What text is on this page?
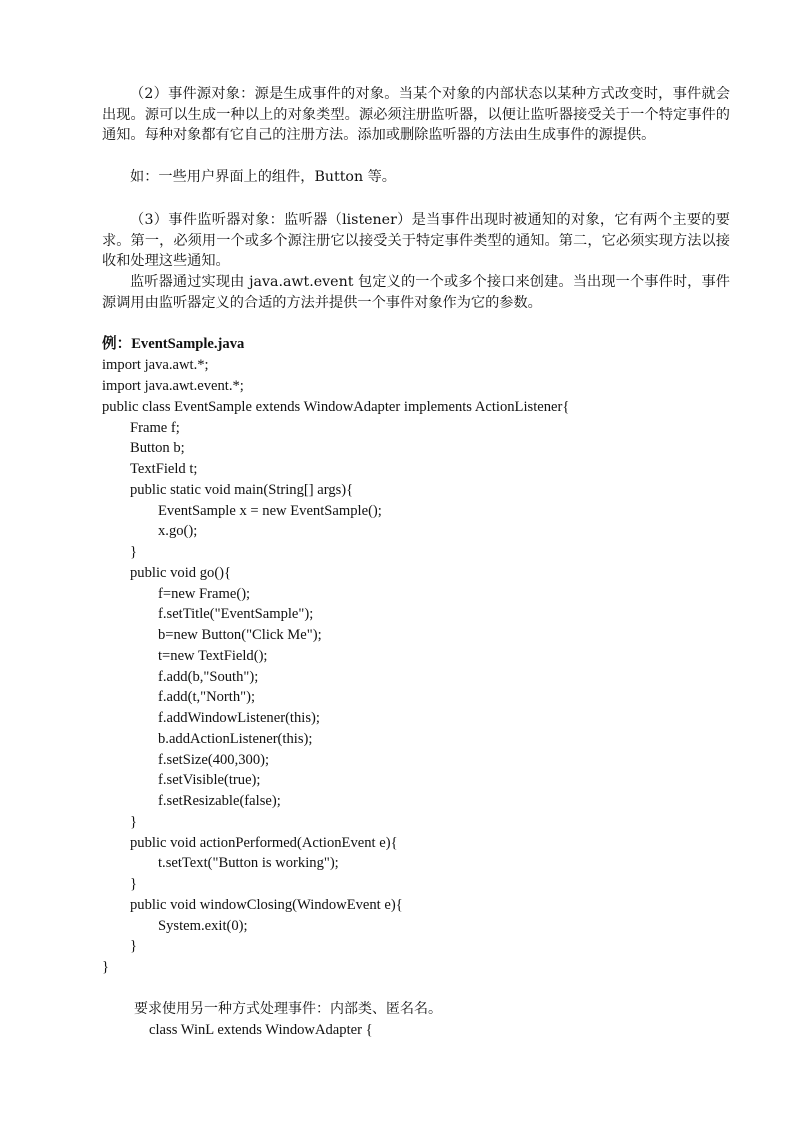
（2）事件源对象：源是生成事件的对象。当某个对象的内部状态以某种方式改变时，事件就会出现。源可以生成一种以上的对象类型。源必须注册监听器，以便让监听器接受关于一个特定事件的通知。每种对象都有它自己的注册方法。添加或删除监听器的方法由生成事件的源提供。

如：一些用户界面上的组件，Button 等。

（3）事件监听器对象：监听器（listener）是当事件出现时被通知的对象，它有两个主要的要求。第一，必须用一个或多个源注册它以接受关于特定事件类型的通知。第二，它必须实现方法以接收和处理这些通知。

监听器通过实现由 java.awt.event 包定义的一个或多个接口来创建。当出现一个事件时，事件源调用由监听器定义的合适的方法并提供一个事件对象作为它的参数。

例：EventSample.java
import java.awt.*;
import java.awt.event.*;
public class EventSample extends WindowAdapter implements ActionListener{
Frame f;
Button b;
TextField t;
public static void main(String[] args){
EventSample x = new EventSample();
x.go();
}
public void go(){
f=new Frame();
f.setTitle("EventSample");
b=new Button("Click Me");
t=new TextField();
f.add(b,"South");
f.add(t,"North");
f.addWindowListener(this);
b.addActionListener(this);
f.setSize(400,300);
f.setVisible(true);
f.setResizable(false);
}
public void actionPerformed(ActionEvent e){
t.setText("Button is working");
}
public void windowClosing(WindowEvent e){
System.exit(0);
}
}
要求使用另一种方式处理事件：内部类、匿名名。
class WinL extends WindowAdapter {
